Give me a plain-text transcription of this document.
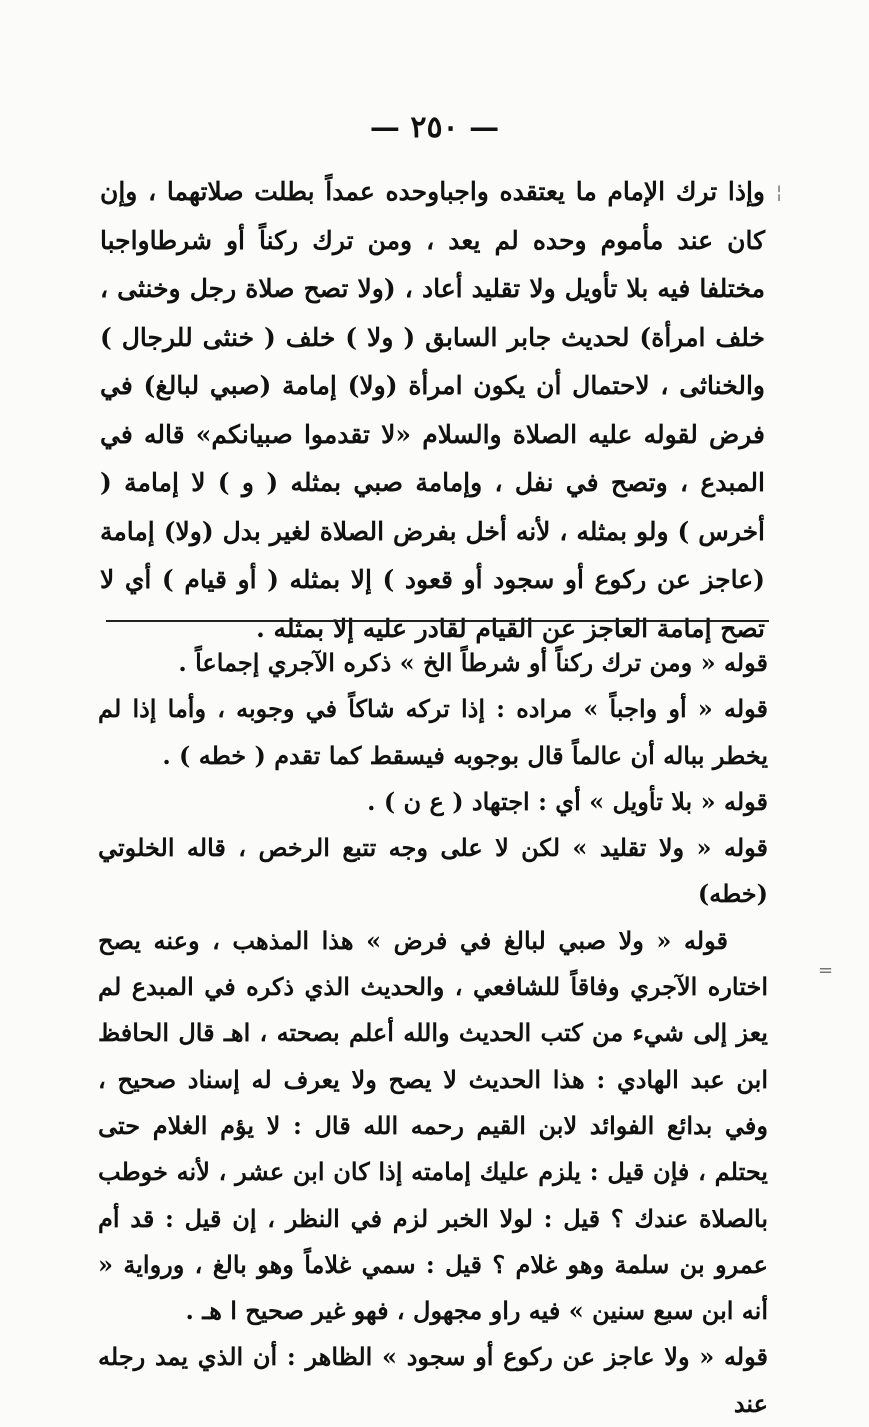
— ٢٥٠ —
وإذا ترك الإمام ما يعتقده واجباوحده عمداً بطلت صلاتهما ، وإن كان عند مأموم وحده لم يعد ، ومن ترك ركناً أو شرطاواجبا مختلفا فيه بلا تأويل ولا تقليد أعاد ، (ولا تصح صلاة رجل وخنثى ، خلف امرأة) لحديث جابر السابق ( ولا ) خلف ( خنثى للرجال ) والخناثى ، لاحتمال أن يكون امرأة (ولا) إمامة (صبي لبالغ) في فرض لقوله عليه الصلاة والسلام «لا تقدموا صبيانكم» قاله في المبدع ، وتصح في نفل ، وإمامة صبي بمثله ( و ) لا إمامة ( أخرس ) ولو بمثله ، لأنه أخل بفرض الصلاة لغير بدل (ولا) إمامة (عاجز عن ركوع أو سجود أو قعود ) إلا بمثله ( أو قيام ) أي لا تصح إمامة العاجز عن القيام لقادر عليه إلا بمثله .

قوله « ومن ترك ركناً أو شرطاً الخ » ذكره الآجري إجماعاً .

قوله « أو واجباً » مراده : إذا تركه شاكاً في وجوبه ، وأما إذا لم يخطر بباله أن عالماً قال بوجوبه فيسقط كما تقدم ( خطه ) .

قوله « بلا تأويل » أي : اجتهاد ( ع ن ) .

قوله « ولا تقليد » لكن لا على وجه تتبع الرخص ، قاله الخلوتي (خطه)

قوله « ولا صبي لبالغ في فرض » هذا المذهب ، وعنه يصح اختاره الآجري وفاقاً للشافعي ، والحديث الذي ذكره في المبدع لم يعز إلى شيء من كتب الحديث والله أعلم بصحته ، اهـ قال الحافظ ابن عبد الهادي : هذا الحديث لا يصح ولا يعرف له إسناد صحيح ، وفي بدائع الفوائد لابن القيم رحمه الله قال : لا يؤم الغلام حتى يحتلم ، فإن قيل : يلزم عليك إمامته إذا كان ابن عشر ، لأنه خوطب بالصلاة عندك ؟ قيل : لولا الخبر لزم في النظر ، إن قيل : قد أم عمرو بن سلمة وهو غلام ؟ قيل : سمي غلاماً وهو بالغ ، ورواية « أنه ابن سبع سنين » فيه راو مجهول ، فهو غير صحيح ا هـ .

قوله « ولا عاجز عن ركوع أو سجود » الظاهر : أن الذي يمد رجله عند

=
¦
